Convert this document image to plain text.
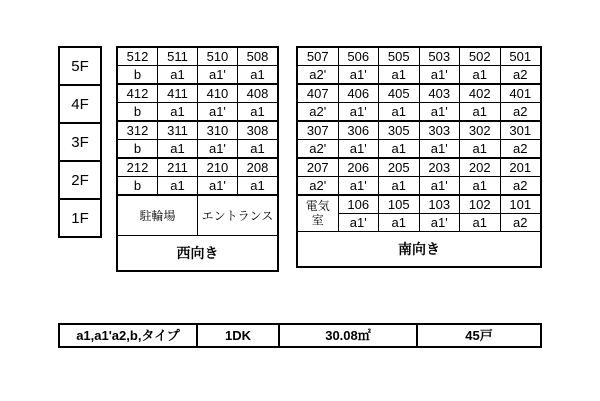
5F
4F
3F
2F
1F
512	511	510	508
b	a1	a1'	a1
412	411	410	408
b	a1	a1'	a1
312	311	310	308
b	a1	a1'	a1
212	211	210	208
b	a1	a1'	a1
駐輪場		エントランス	

西向き			
507	506	505	503	502	501
a2'	a1'	a1	a1'	a1	a2
407	406	405	403	402	401
a2'	a1'	a1	a1'	a1	a2
307	306	305	303	302	301
a2'	a1'	a1	a1'	a1	a2
207	206	205	203	202	201
a2'	a1'	a1	a1'	a1	a2
電気
室	106	105	103	102	101
	a1'	a1	a1'	a1	a2
南向き					
a1,a1'a2,b,タイプ	1DK	30.08㎡	45戸
